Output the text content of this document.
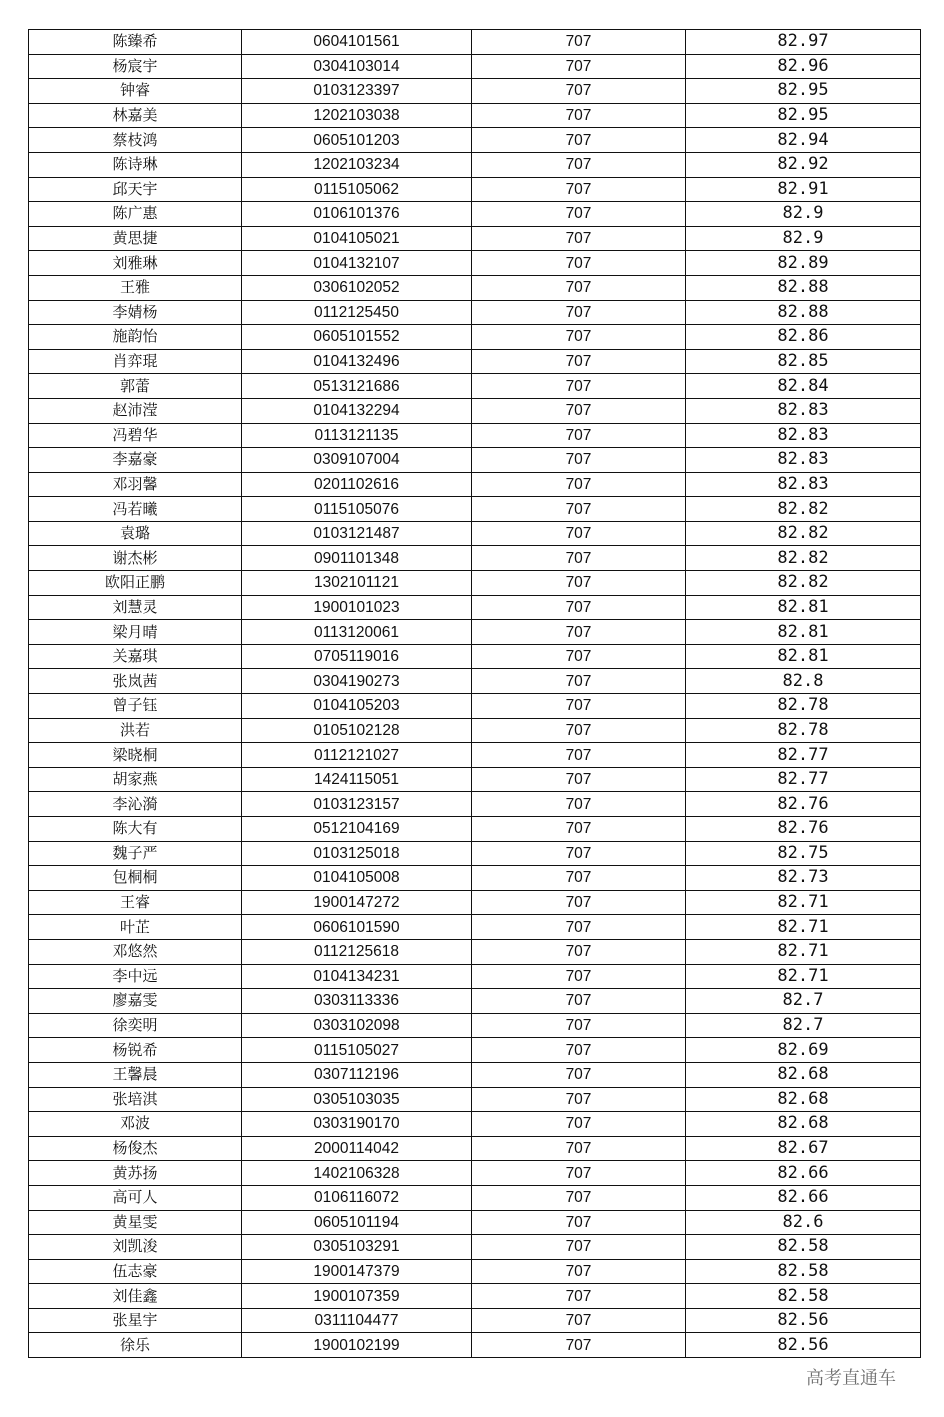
陈臻希	0604101561	707	82.97
杨宸宇	0304103014	707	82.96
钟睿	0103123397	707	82.95
林嘉美	1202103038	707	82.95
蔡枝鸿	0605101203	707	82.94
陈诗琳	1202103234	707	82.92
邱天宇	0115105062	707	82.91
陈广惠	0106101376	707	82.9
黄思捷	0104105021	707	82.9
刘雅琳	0104132107	707	82.89
王雅	0306102052	707	82.88
李婧杨	0112125450	707	82.88
施韵怡	0605101552	707	82.86
肖弈琨	0104132496	707	82.85
郭蕾	0513121686	707	82.84
赵沛滢	0104132294	707	82.83
冯碧华	0113121135	707	82.83
李嘉豪	0309107004	707	82.83
邓羽馨	0201102616	707	82.83
冯若曦	0115105076	707	82.82
袁璐	0103121487	707	82.82
谢杰彬	0901101348	707	82.82
欧阳正鹏	1302101121	707	82.82
刘慧灵	1900101023	707	82.81
梁月晴	0113120061	707	82.81
关嘉琪	0705119016	707	82.81
张岚茜	0304190273	707	82.8
曾子钰	0104105203	707	82.78
洪若	0105102128	707	82.78
梁晓桐	0112121027	707	82.77
胡家燕	1424115051	707	82.77
李沁漪	0103123157	707	82.76
陈大有	0512104169	707	82.76
魏子严	0103125018	707	82.75
包桐桐	0104105008	707	82.73
王睿	1900147272	707	82.71
叶芷	0606101590	707	82.71
邓悠然	0112125618	707	82.71
李中远	0104134231	707	82.71
廖嘉雯	0303113336	707	82.7
徐奕明	0303102098	707	82.7
杨锐希	0115105027	707	82.69
王馨晨	0307112196	707	82.68
张培淇	0305103035	707	82.68
邓波	0303190170	707	82.68
杨俊杰	2000114042	707	82.67
黄苏扬	1402106328	707	82.66
高可人	0106116072	707	82.66
黄星雯	0605101194	707	82.6
刘凯浚	0305103291	707	82.58
伍志豪	1900147379	707	82.58
刘佳鑫	1900107359	707	82.58
张星宇	0311104477	707	82.56
徐乐	1900102199	707	82.56
高考直通车
